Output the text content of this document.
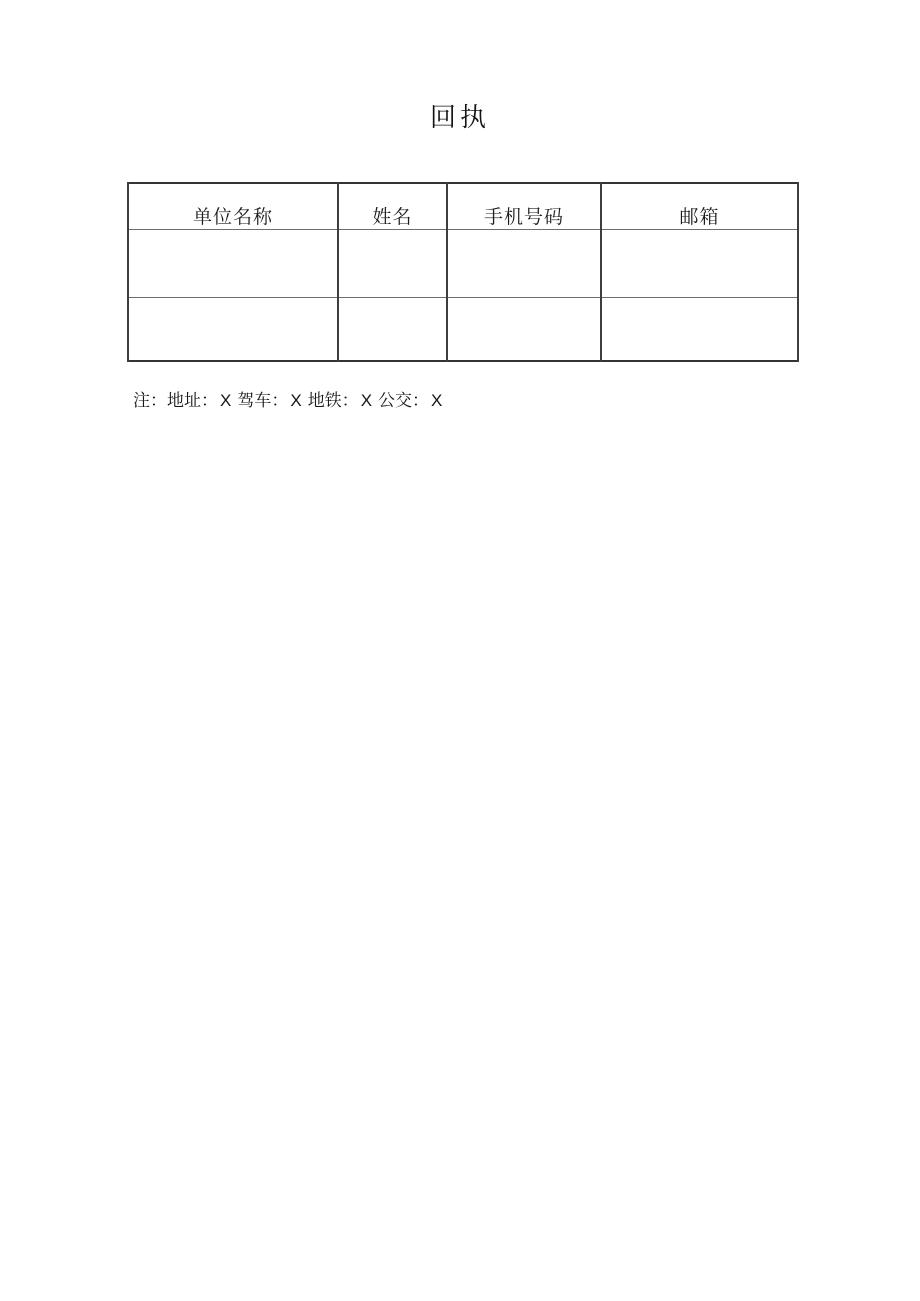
回执
单位名称	姓名	手机号码	邮箱

注：地址： X 驾车： X 地铁： X 公交： X
